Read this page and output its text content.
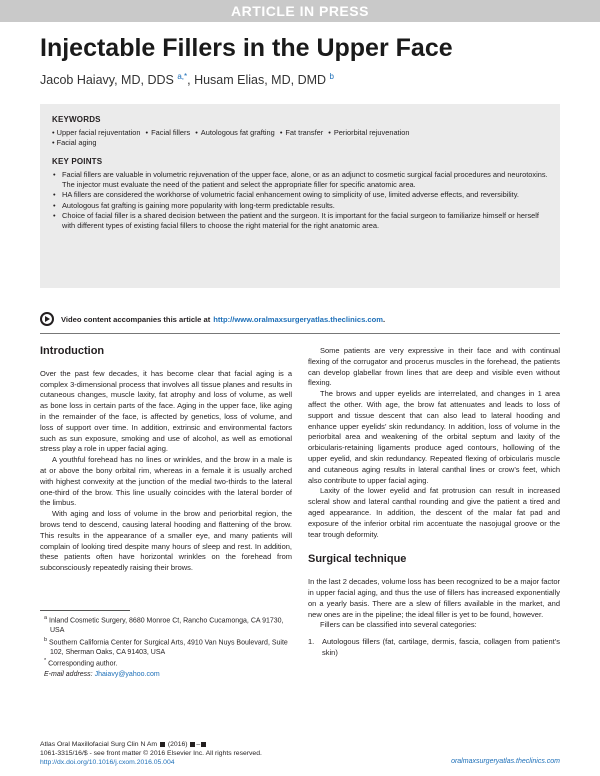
ARTICLE IN PRESS
Injectable Fillers in the Upper Face
Jacob Haiavy, MD, DDS $^{a,*}$, Husam Elias, MD, DMD $^b$
KEYWORDS
• Upper facial rejuventation • Facial fillers • Autologous fat grafting • Fat transfer • Periorbital rejuvenation
• Facial aging
KEY POINTS
• Facial fillers are valuable in volumetric rejuvenation of the upper face, alone, or as an adjunct to cosmetic surgical facial procedures and neurotoxins. The injector must evaluate the need of the patient and select the appropriate filler for specific anatomic area.
• HA fillers are considered the workhorse of volumetric facial enhancement owing to simplicity of use, limited adverse effects, and reversibility.
• Autologous fat grafting is gaining more popularity with long-term predictable results.
• Choice of facial filler is a shared decision between the patient and the surgeon. It is important for the facial surgeon to familiarize himself or herself with different types of existing facial fillers to choose the right material for the right anatomic area.
Video content accompanies this article at http://www.oralmaxsurgeryatlas.theclinics.com .
Introduction

Over the past few decades, it has become clear that facial aging is a complex 3-dimensional process that involves all tissue planes and results in cutaneous changes, muscle laxity, fat atrophy and loss of volume, as well as bone loss in certain parts of the face. Aging in the upper face, like aging in the remainder of the face, is affected by genetics, loss of volume, and loss of support over time. In addition, extrinsic and environmental factors such as sun exposure, smoking and use of alcohol, as well as emotional stress play a role in upper facial aging.

A youthful forehead has no lines or wrinkles, and the brow in a male is at or above the bony orbital rim, whereas in a female it is usually arched with highest convexity at the junction of the medial two-thirds to the lateral one-third of the brow. This line usually coincides with the lateral border of the limbus.

With aging and loss of volume in the brow and periorbital region, the brows tend to descend, causing lateral hooding and flattening of the brow. This results in the appearance of a smaller eye, and many patients will complain of looking tired despite many hours of sleep and rest. In addition, these patients often have horizontal wrinkles on the forehead from subconsciously repeatedly raising their brows.

Some patients are very expressive in their face and with continual flexing of the corrugator and procerus muscles in the forehead, the patients can develop glabellar frown lines that are deep and visible even without flexing.

The brows and upper eyelids are interrelated, and changes in 1 area affect the other. With age, the brow fat attenuates and leads to loss of support and tissue descent that can also lead to lateral hooding and enhance upper eyelids’ skin redundancy. In addition, loss of volume in the periorbital area and weakening of the orbital septum and laxity of the orbicularis-retaining ligaments produce aged contours, hollowing of the upper eyelid, and skin redundancy. Repeated flexing of orbicularis muscle and cutaneous aging results in lateral canthal lines or crow’s feet, which also contribute to upper facial aging.

Laxity of the lower eyelid and fat protrusion can result in increased scleral show and lateral canthal rounding and give the patient a tired and aged appearance. In addition, the descent of the malar fat pad and exposure of the inferior orbital rim accentuate the nasojugal groove or the tear trough deformity.

Surgical technique

In the last 2 decades, volume loss has been recognized to be a major factor in upper facial aging, and thus the use of fillers has increased exponentially on a yearly basis. There are a slew of fillers available in the market, and new ones are in the pipeline; the ideal filler is yet to be found, however.

Fillers can be classified into several categories:

1.	Autologous fillers (fat, cartilage, dermis, fascia, collagen from patient’s skin)

$^a$ Inland Cosmetic Surgery, 8680 Monroe Ct, Rancho Cucamonga, CA 91730, USA

$^b$ Southern California Center for Surgical Arts, 4910 Van Nuys Boulevard, Suite 102, Sherman Oaks, CA 91403, USA

* Corresponding author.

E-mail address: Jhaiavy@yahoo.com

Atlas Oral Maxillofacial Surg Clin N Am (2016) –
1061-3315/16/$ - see front matter © 2016 Elsevier Inc. All rights reserved.
http://dx.doi.org/10.1016/j.cxom.2016.05.004	oralmaxsurgeryatlas.theclinics.com
